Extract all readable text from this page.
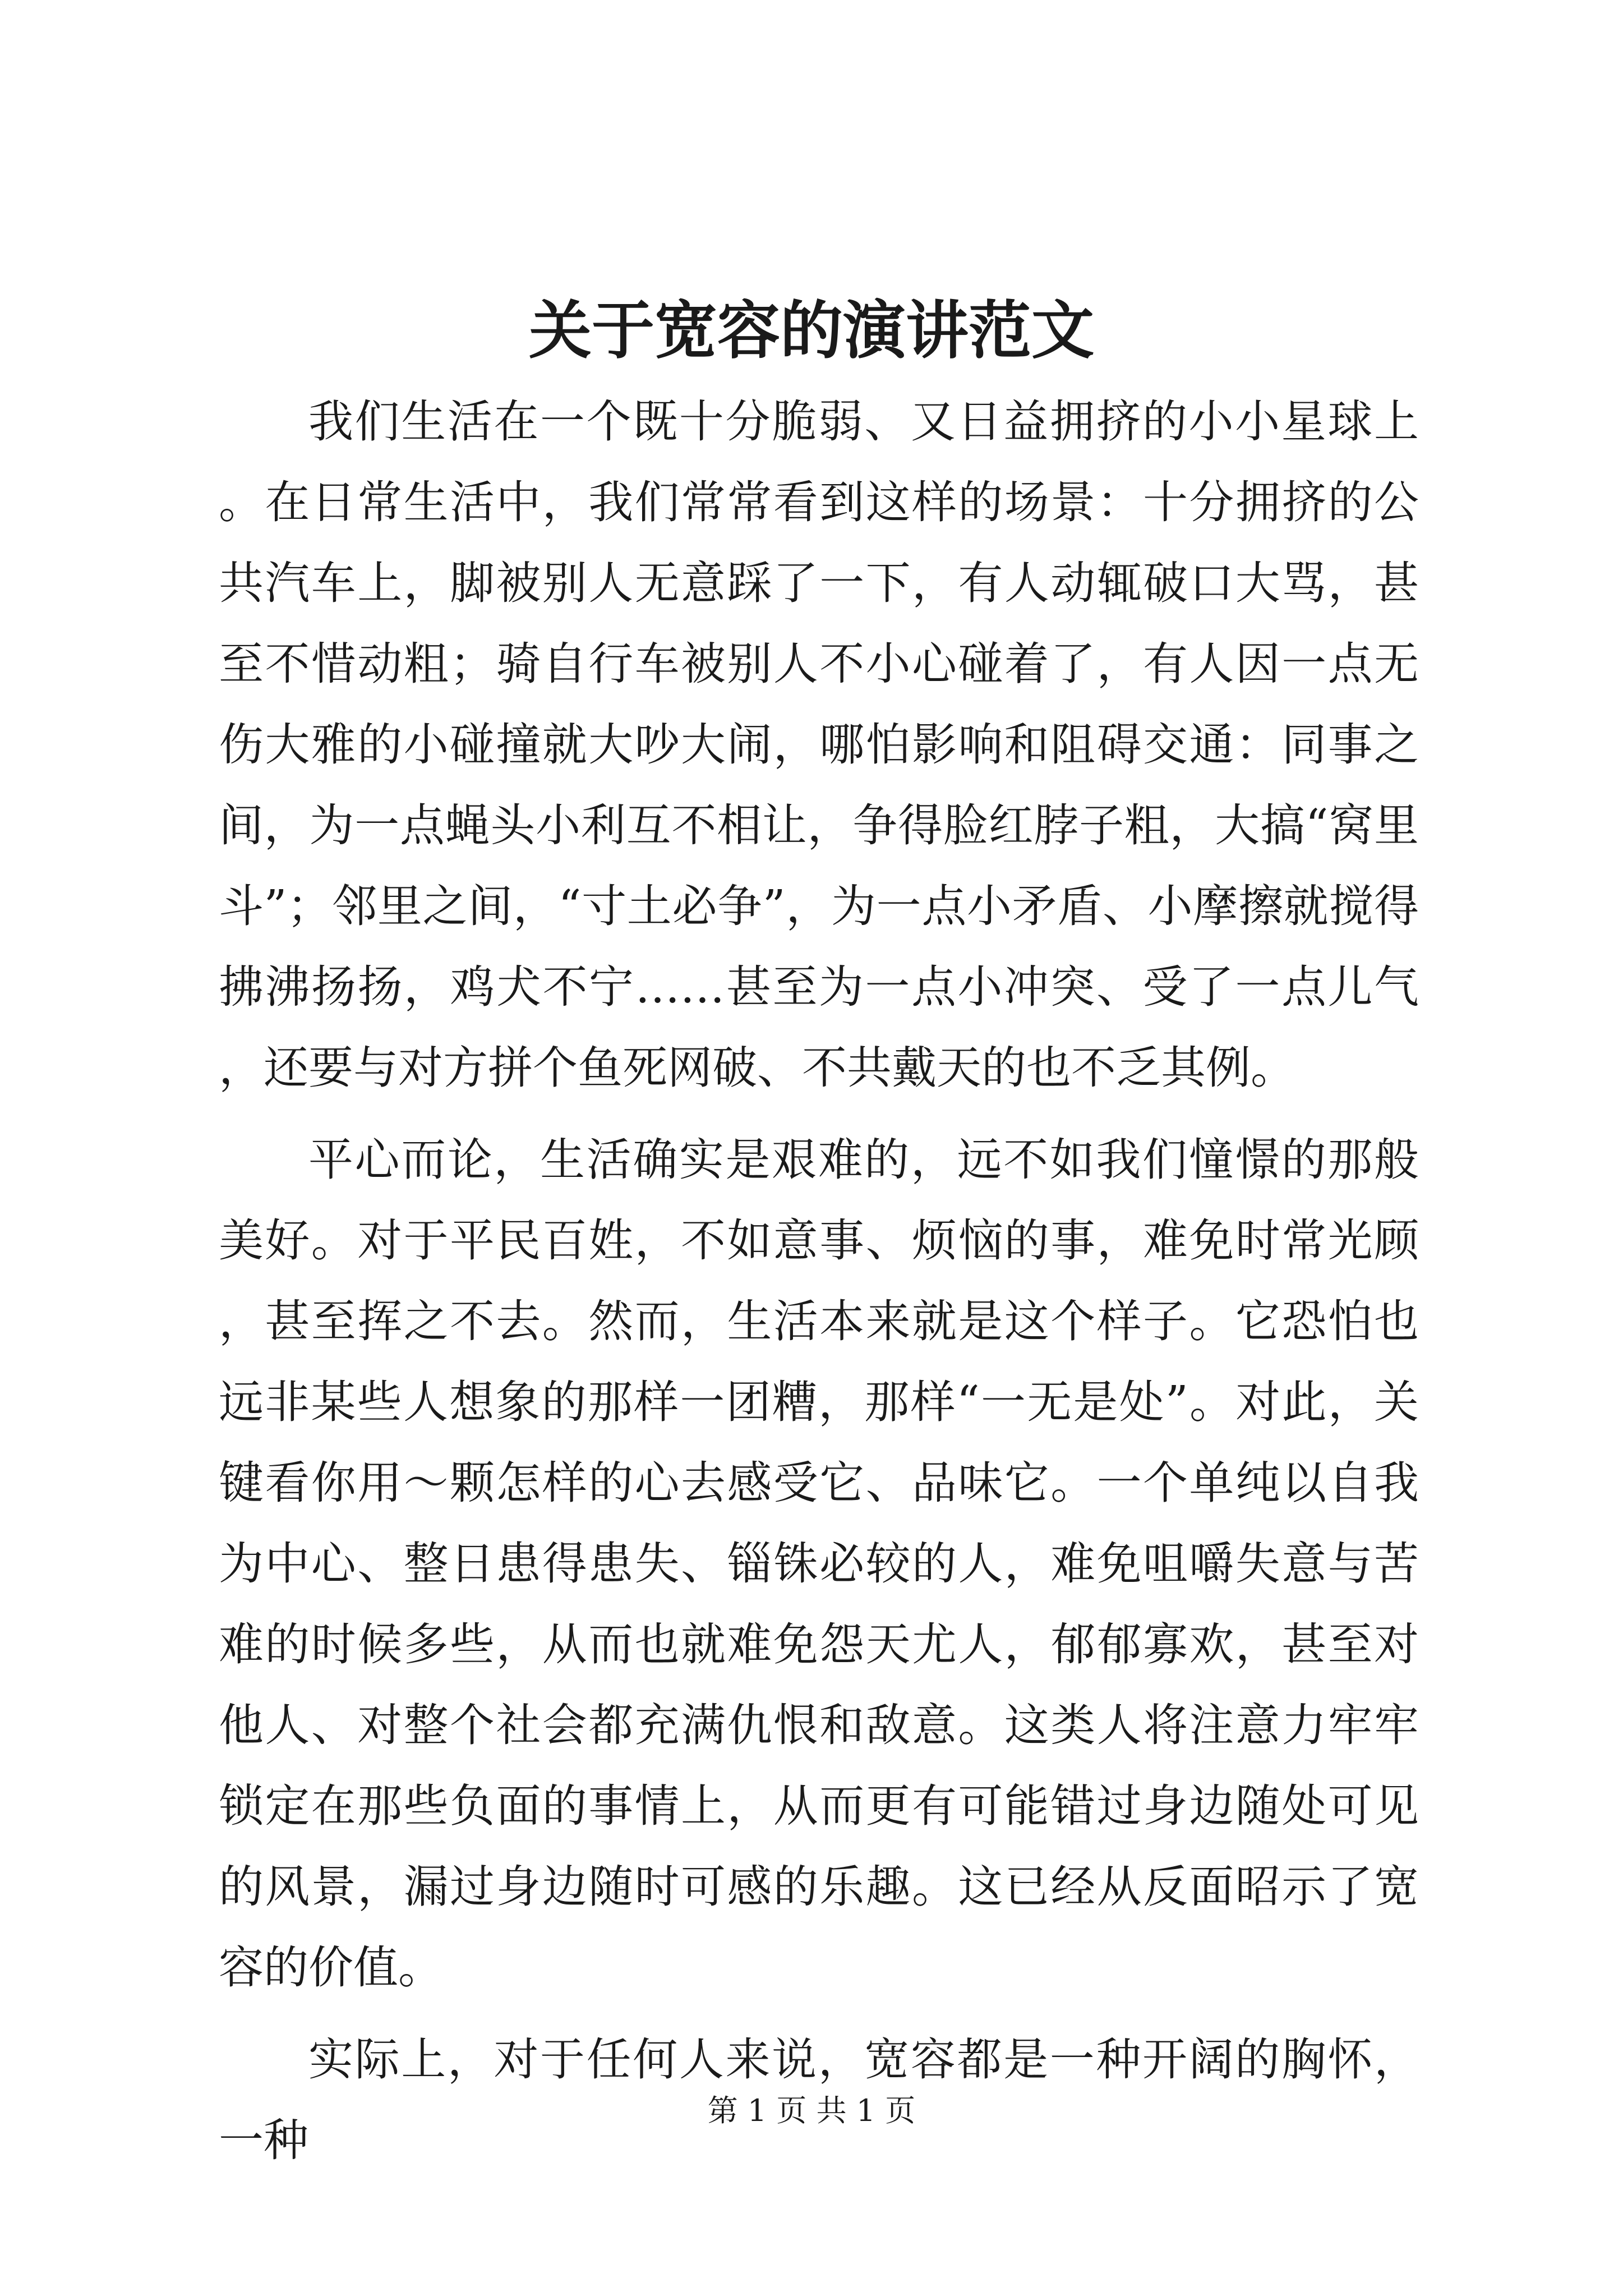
关于宽容的演讲范文

我们生活在一个既十分脆弱、又日益拥挤的小小星球上。在日常生活中，我们常常看到这样的场景：十分拥挤的公共汽车上，脚被别人无意踩了一下，有人动辄破口大骂，甚至不惜动粗；骑自行车被别人不小心碰着了，有人因一点无伤大雅的小碰撞就大吵大闹，哪怕影响和阻碍交通：同事之间，为一点蝇头小利互不相让，争得脸红脖子粗，大搞“窝里斗”；邻里之间，“寸土必争”，为一点小矛盾、小摩擦就搅得拂沸扬扬，鸡犬不宁……甚至为一点小冲突、受了一点儿气，还要与对方拼个鱼死网破、不共戴天的也不乏其例。

平心而论，生活确实是艰难的，远不如我们憧憬的那般美好。对于平民百姓，不如意事、烦恼的事，难免时常光顾，甚至挥之不去。然而，生活本来就是这个样子。它恐怕也远非某些人想象的那样一团糟，那样“一无是处”。对此，关键看你用～颗怎样的心去感受它、品味它。一个单纯以自我为中心、整日患得患失、锱铢必较的人，难免咀嚼失意与苦难的时候多些，从而也就难免怨天尤人，郁郁寡欢，甚至对他人、对整个社会都充满仇恨和敌意。这类人将注意力牢牢锁定在那些负面的事情上，从而更有可能错过身边随处可见的风景，漏过身边随时可感的乐趣。这已经从反面昭示了宽容的价值。

实际上，对于任何人来说，宽容都是一种开阔的胸怀，一种

第 1 页 共 1 页
